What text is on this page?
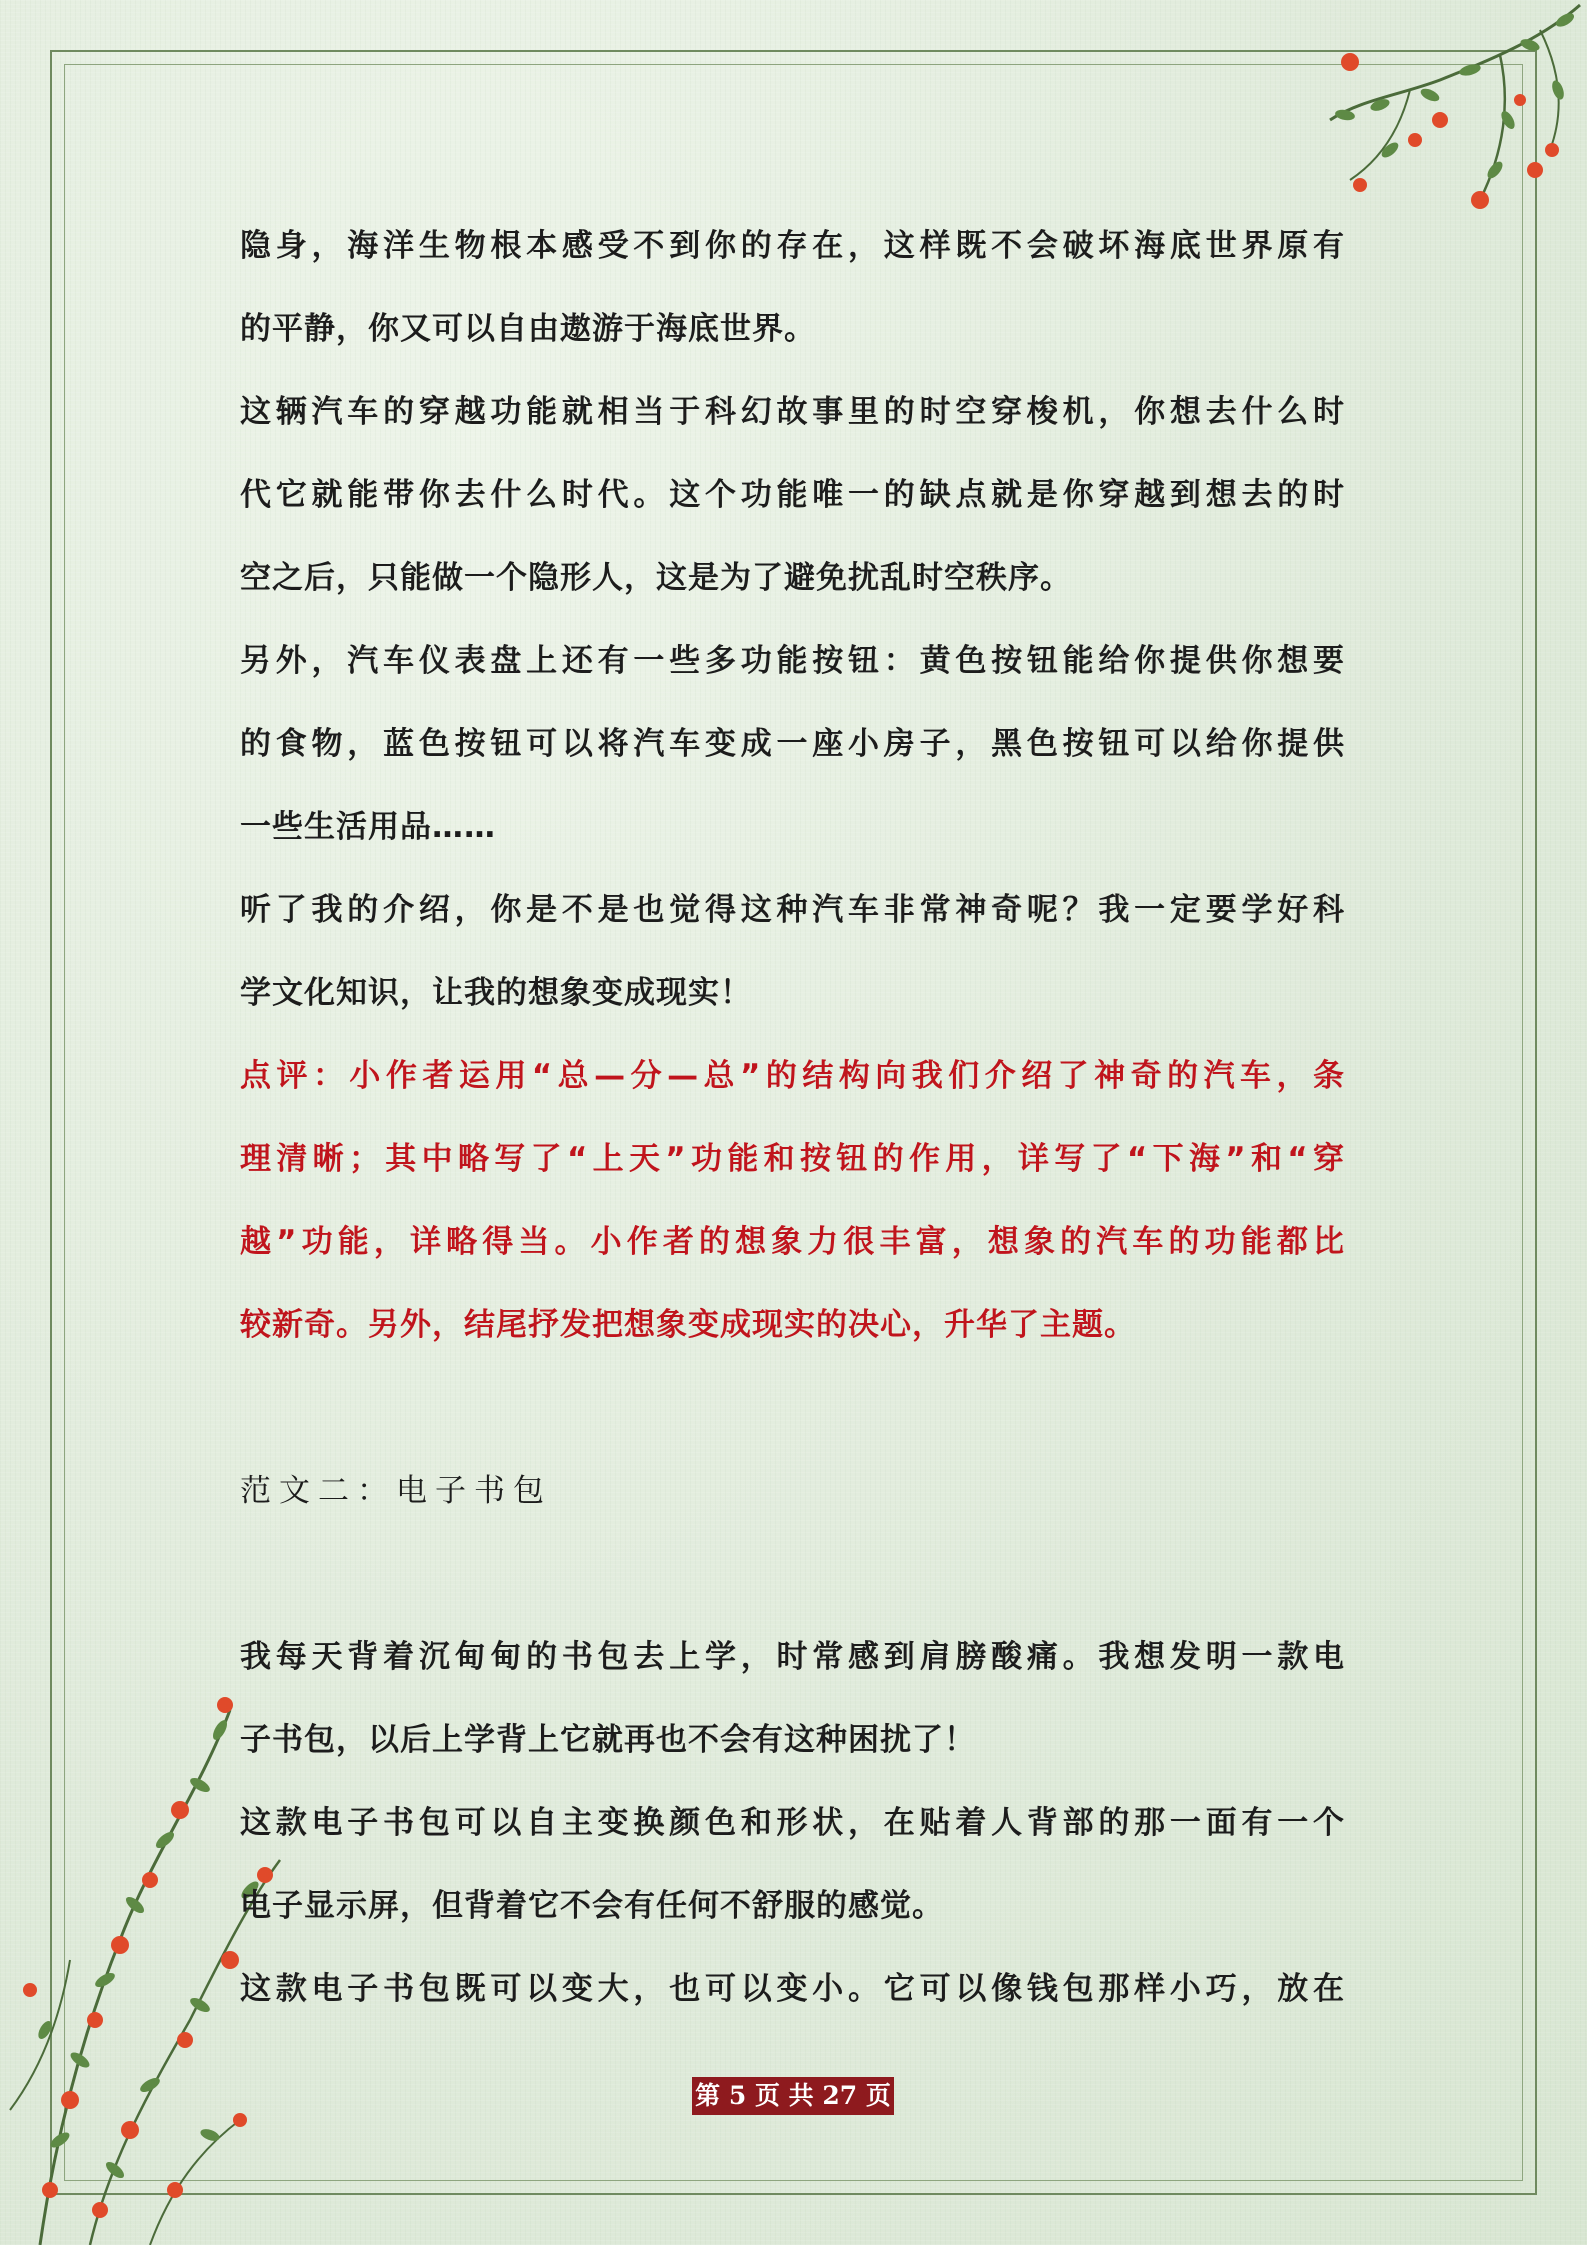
隐身，海洋生物根本感受不到你的存在，这样既不会破坏海底世界原有
的平静，你又可以自由遨游于海底世界。
这辆汽车的穿越功能就相当于科幻故事里的时空穿梭机，你想去什么时
代它就能带你去什么时代。这个功能唯一的缺点就是你穿越到想去的时
空之后，只能做一个隐形人，这是为了避免扰乱时空秩序。
另外，汽车仪表盘上还有一些多功能按钮：黄色按钮能给你提供你想要
的食物，蓝色按钮可以将汽车变成一座小房子，黑色按钮可以给你提供
一些生活用品……
听了我的介绍，你是不是也觉得这种汽车非常神奇呢？我一定要学好科
学文化知识，让我的想象变成现实！
点评：小作者运用“总—分—总”的结构向我们介绍了神奇的汽车，条
理清晰；其中略写了“上天”功能和按钮的作用，详写了“下海”和“穿
越”功能，详略得当。小作者的想象力很丰富，想象的汽车的功能都比
较新奇。另外，结尾抒发把想象变成现实的决心，升华了主题。
范文二：电子书包
我每天背着沉甸甸的书包去上学，时常感到肩膀酸痛。我想发明一款电
子书包，以后上学背上它就再也不会有这种困扰了！
这款电子书包可以自主变换颜色和形状，在贴着人背部的那一面有一个
电子显示屏，但背着它不会有任何不舒服的感觉。
这款电子书包既可以变大，也可以变小。它可以像钱包那样小巧，放在
第 5 页 共 27 页
